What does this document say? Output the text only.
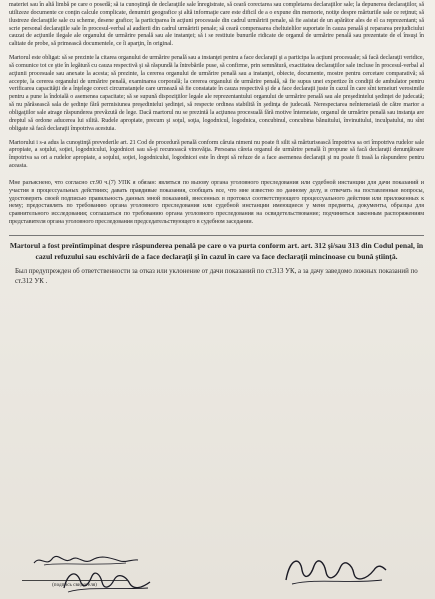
materiei sau în altă limbă pe care o posedă; să ia cunoştinţă de declaraţiile sale înregistrate, să ceară corectarea sau completarea declaraţiilor sale; la depunerea declaraţiilor, să utilizeze documente ce conţin calcule complicate, denumiri geografice şi altă informaţie care este dificil de a o expune din memorie, notiţe despre mărturiile sale ce reţinut; să ilustreze declaraţiile sale cu scheme, desene grafice; la participarea în acţiuni procesuale din cadrul urmăririi penale, să fie asistat de un apărător ales de el ca reprezentant; să scrie personal declaraţiile sale în procesul-verbal al audierii din cadrul urmăririi penale; să ceară compensarea cheltuielilor suportate în cauza penală şi repararea prejudiciului cauzat de acţiunile ilegale ale organului de urmărire penală sau ale instanţei; să i se restituie bunurile ridicate de organul de urmărire penală sau prezentate de el însuşi în calitate de probe, să primească documentele, ce îi aparţin, în original.

Martorul este obligat: să se prezinte la citarea organului de urmărire penală sau a instanţei pentru a face declaraţii şi a participa la acţiuni procesuale; să facă declaraţii veridice, să comunice tot ce ştie în legătură cu cauza respectivă şi să răspundă la întrebările puse, să confirme, prin semnătură, exactitatea declaraţiilor sale incluse în procesul-verbal al acţiunii procesuale sau anexate la acesta; să prezinte, la cererea organului de urmărire penală sau a instanţei, obiecte, documente, mostre pentru cercetare comparativă; să accepte, la cererea organului de urmărire penală, examinarea corporală; la cererea organului de urmărire penală, să fie supus unei expertize în condiţii de ambulator pentru verificarea capacităţii de a înţelege corect circumstanţele care urmează să fie constatate în cauza respectivă şi de a face declaraţii juste în cazul în care sînt temeiuri verosimile pentru a pune la îndoială o asemenea capacitate; să se supună dispoziţiilor legale ale reprezentantului organului de urmărire penală sau ale preşedintelui şedinţei de judecată; să nu părăsească sala de şedinţe fără permisiunea preşedintelui şedinţei, să respecte ordinea stabilită în şedinţa de judecată. Nerespectarea neîntemeiată de către martor a obligaţiilor sale atrage răspunderea prevăzută de lege. Dacă martorul nu se prezintă la acţiunea procesuală fără motive întemeiate, organul de urmărire penală sau instanţa are dreptul să ordone aducerea lui silită. Rudele apropiate, precum şi soţul, soţia, logodnicul, logodnica, concubinul, concubina bănuitului, învinuitului, inculpatului, nu sînt obligate să facă declaraţii împotriva acestuia.

Martorului i s-a adus la cunoştinţă prevederile art. 21 Cod de procedură penală conform căruia nimeni nu poate fi silit să mărturisească împotriva sa ori împotriva rudelor sale apropiate, a soţului, soţiei, logodnicului, logodnicei sau să-şi recunoască vinovăţia. Persoana căreia organul de urmărire penală îi propune să facă declaraţii denunţătoare împotriva sa ori a rudelor apropiate, a soţului, soţiei, logodnicului, logodnicei este în drept să refuze de a face asemenea declaraţii şi nu poate fi trasă la răspundere pentru aceasta.

Мне разъяснено, что согласно ст.90 ч.(7) УПК я обязан: являться по вызову органа уголовного преследования или судебной инстанции для дачи показаний и участия в процессуальных действиях; давать правдивые показания, сообщать все, что мне известно по данному делу, и отвечать на поставленные вопросы, удостоверять своей подписью правильность данных мной показаний, внесенных в протокол соответствующего процессуального действия или приложенных к нему; предоставлять по требованию органа уголовного преследования или судебной инстанции имеющиеся у меня предметы, документы, образцы для сравнительного исследования; соглашаться по требованию органа уголовного преследования на освидетельствование; подчиняться законным распоряжениям представителя органа уголовного преследования председательствующего в судебном заседании.

Martorul a fost preîntîmpinat despre răspunderea penală pe care o va purta conform art. art. 312 şi/sau 313 din Codul penal, în cazul refuzului sau eschivării de a face declaraţii şi în cazul în care va face declaraţii mincinoase cu bună ştiinţă.

Был предупрежден об ответственности за отказ или уклонение от дачи показаний по ст.313 УК, а за дачу заведомо ложных показаний по ст.312 УК .

(подпись свидетеля)
